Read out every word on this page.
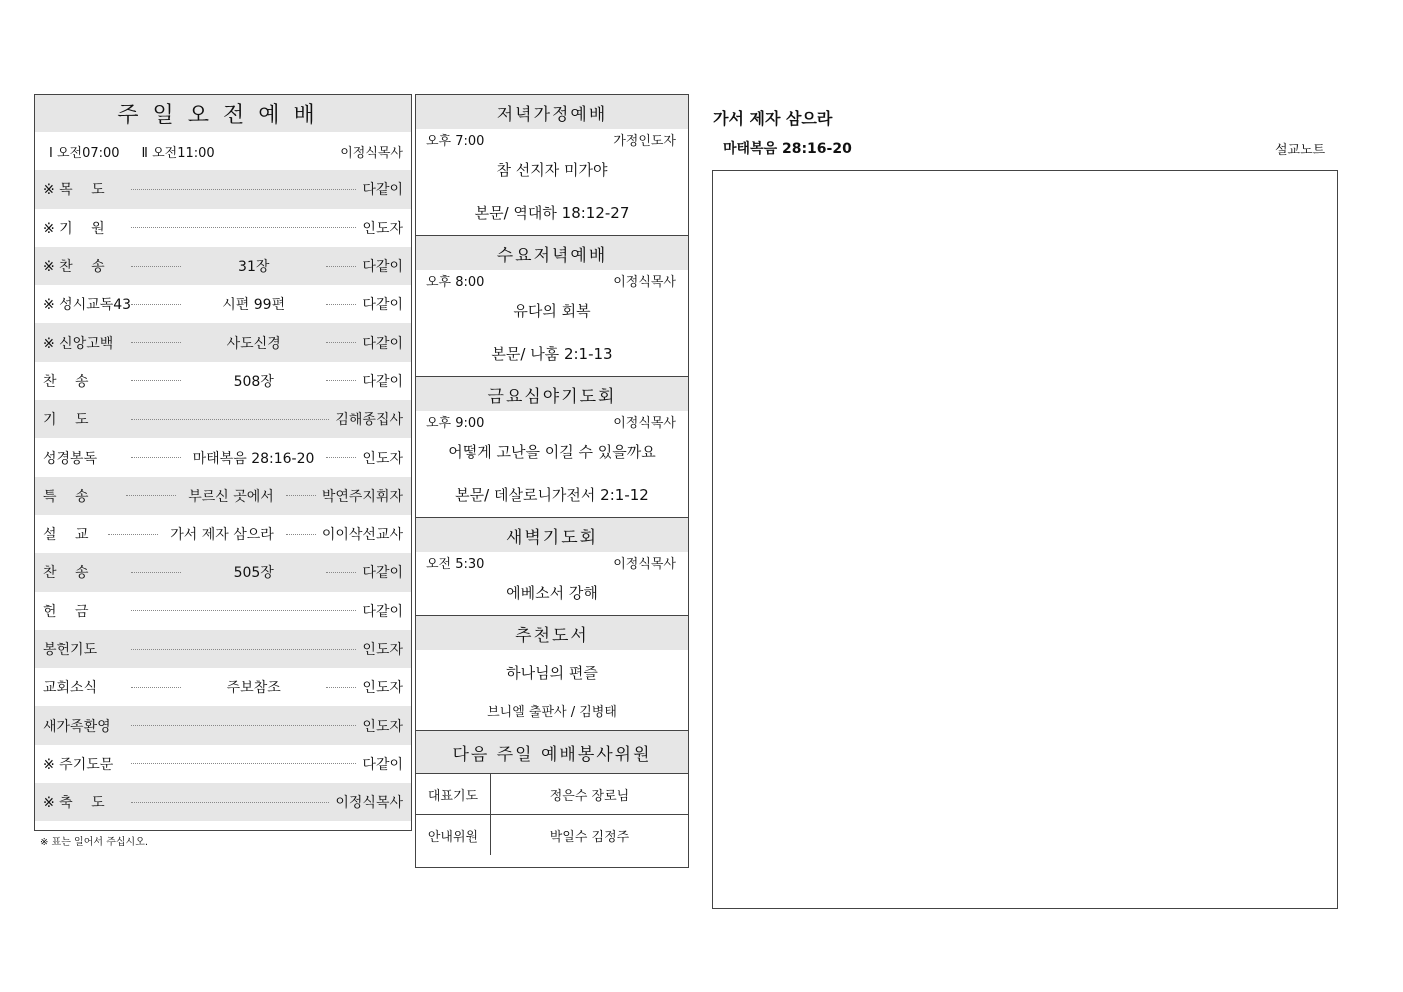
주일오전예배
Ⅰ 오전07:00 Ⅱ 오전11:00	이정식목사
※ 목　 도	다같이
※ 기　 원	인도자
※ 찬　 송	31장	다같이
※ 성시교독43	시편 99편	다같이
※ 신앙고백	사도신경	다같이
찬　 송	508장	다같이
기　 도	김해종집사
성경봉독	마태복음 28:16-20	인도자
특　 송	부르신 곳에서	박연주지휘자
설　 교	가서 제자 삼으라	이이삭선교사
찬　 송	505장	다같이
헌　 금	다같이
봉헌기도	인도자
교회소식	주보참조	인도자
새가족환영	인도자
※ 주기도문	다같이
※ 축　 도	이정식목사
※ 표는 일어서 주십시오.
저녁가정예배
오후 7:00	가정인도자
참 선지자 미가야
본문/ 역대하 18:12-27
수요저녁예배
오후 8:00	이정식목사
유다의 회복
본문/ 나훔 2:1-13
금요심야기도회
오후 9:00	이정식목사
어떻게 고난을 이길 수 있을까요
본문/ 데살로니가전서 2:1-12
새벽기도회
오전 5:30	이정식목사
에베소서 강해
추천도서
하나님의 편즐
브니엘 출판사 / 김병태
다음 주일 예배봉사위원
대표기도	정은수 장로님
안내위원	박일수 김정주
가서 제자 삼으라
마태복음 28:16-20	설교노트
